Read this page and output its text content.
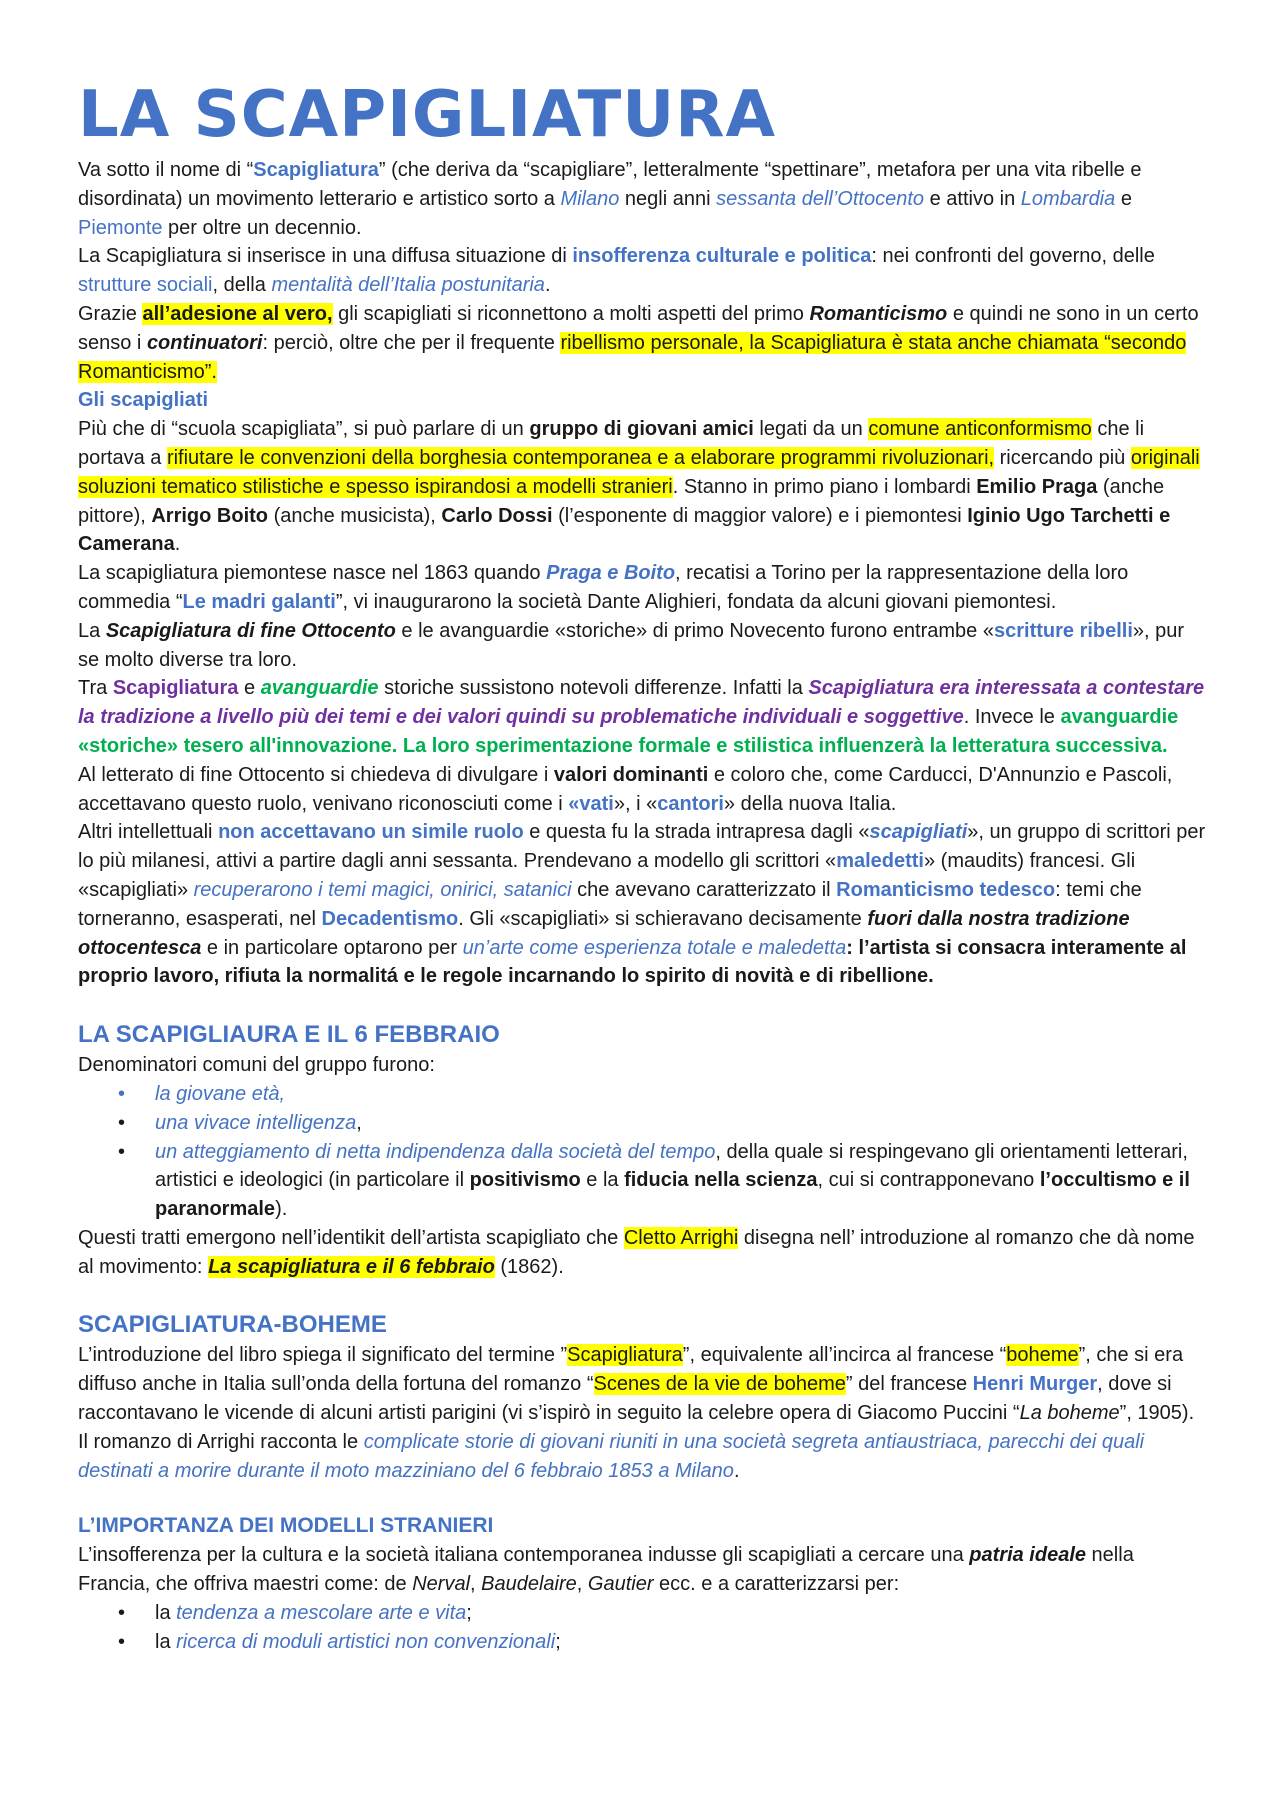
LA SCAPIGLIATURA

Va sotto il nome di “Scapigliatura” (che deriva da “scapigliare”, letteralmente “spettinare”, metafora per una vita ribelle e disordinata) un movimento letterario e artistico sorto a Milano negli anni sessanta dell’Ottocento e attivo in Lombardia e Piemonte per oltre un decennio.

La Scapigliatura si inserisce in una diffusa situazione di insofferenza culturale e politica: nei confronti del governo, delle strutture sociali, della mentalità dell’Italia postunitaria.

Grazie all’adesione al vero, gli scapigliati si riconnettono a molti aspetti del primo Romanticismo e quindi ne sono in un certo senso i continuatori: perciò, oltre che per il frequente ribellismo personale, la Scapigliatura è stata anche chiamata “secondo Romanticismo”.

Gli scapigliati

Più che di “scuola scapigliata”, si può parlare di un gruppo di giovani amici legati da un comune anticonformismo che li portava a rifiutare le convenzioni della borghesia contemporanea e a elaborare programmi rivoluzionari, ricercando più originali soluzioni tematico stilistiche e spesso ispirandosi a modelli stranieri. Stanno in primo piano i lombardi Emilio Praga (anche pittore), Arrigo Boito (anche musicista), Carlo Dossi (l’esponente di maggior valore) e i piemontesi Iginio Ugo Tarchetti e Camerana.

La scapigliatura piemontese nasce nel 1863 quando Praga e Boito, recatisi a Torino per la rappresentazione della loro commedia “Le madri galanti”, vi inaugurarono la società Dante Alighieri, fondata da alcuni giovani piemontesi.

La Scapigliatura di fine Ottocento e le avanguardie «storiche» di primo Novecento furono entrambe «scritture ribelli», pur se molto diverse tra loro.

Tra Scapigliatura e avanguardie storiche sussistono notevoli differenze. Infatti la Scapigliatura era interessata a contestare la tradizione a livello più dei temi e dei valori quindi su problematiche individuali e soggettive. Invece le avanguardie «storiche» tesero all'innovazione. La loro sperimentazione formale e stilistica influenzerà la letteratura successiva.

Al letterato di fine Ottocento si chiedeva di divulgare i valori dominanti e coloro che, come Carducci, D'Annunzio e Pascoli, accettavano questo ruolo, venivano riconosciuti come i «vati», i «cantori» della nuova Italia.

Altri intellettuali non accettavano un simile ruolo e questa fu la strada intrapresa dagli «scapigliati», un gruppo di scrittori per lo più milanesi, attivi a partire dagli anni sessanta. Prendevano a modello gli scrittori «maledetti» (maudits) francesi. Gli «scapigliati» recuperarono i temi magici, onirici, satanici che avevano caratterizzato il Romanticismo tedesco: temi che torneranno, esasperati, nel Decadentismo. Gli «scapigliati» si schieravano decisamente fuori dalla nostra tradizione ottocentesca e in particolare optarono per un’arte come esperienza totale e maledetta: l’artista si consacra interamente al proprio lavoro, rifiuta la normalitá e le regole incarnando lo spirito di novità e di ribellione.

LA SCAPIGLIAURA E IL 6 FEBBRAIO

Denominatori comuni del gruppo furono:

• la giovane età,
• una vivace intelligenza,
• un atteggiamento di netta indipendenza dalla società del tempo, della quale si respingevano gli orientamenti letterari, artistici e ideologici (in particolare il positivismo e la fiducia nella scienza, cui si contrapponevano l’occultismo e il paranormale).

Questi tratti emergono nell’identikit dell’artista scapigliato che Cletto Arrighi disegna nell’ introduzione al romanzo che dà nome al movimento: La scapigliatura e il 6 febbraio (1862).

SCAPIGLIATURA-BOHEME

L’introduzione del libro spiega il significato del termine ”Scapigliatura”, equivalente all’incirca al francese “boheme”, che si era diffuso anche in Italia sull’onda della fortuna del romanzo “Scenes de la vie de boheme” del francese Henri Murger, dove si raccontavano le vicende di alcuni artisti parigini (vi s’ispirò in seguito la celebre opera di Giacomo Puccini “La boheme”, 1905).

Il romanzo di Arrighi racconta le complicate storie di giovani riuniti in una società segreta antiaustriaca, parecchi dei quali destinati a morire durante il moto mazziniano del 6 febbraio 1853 a Milano.

L’IMPORTANZA DEI MODELLI STRANIERI

L’insofferenza per la cultura e la società italiana contemporanea indusse gli scapigliati a cercare una patria ideale nella Francia, che offriva maestri come: de Nerval, Baudelaire, Gautier ecc. e a caratterizzarsi per:

• la tendenza a mescolare arte e vita;
• la ricerca di moduli artistici non convenzionali;
